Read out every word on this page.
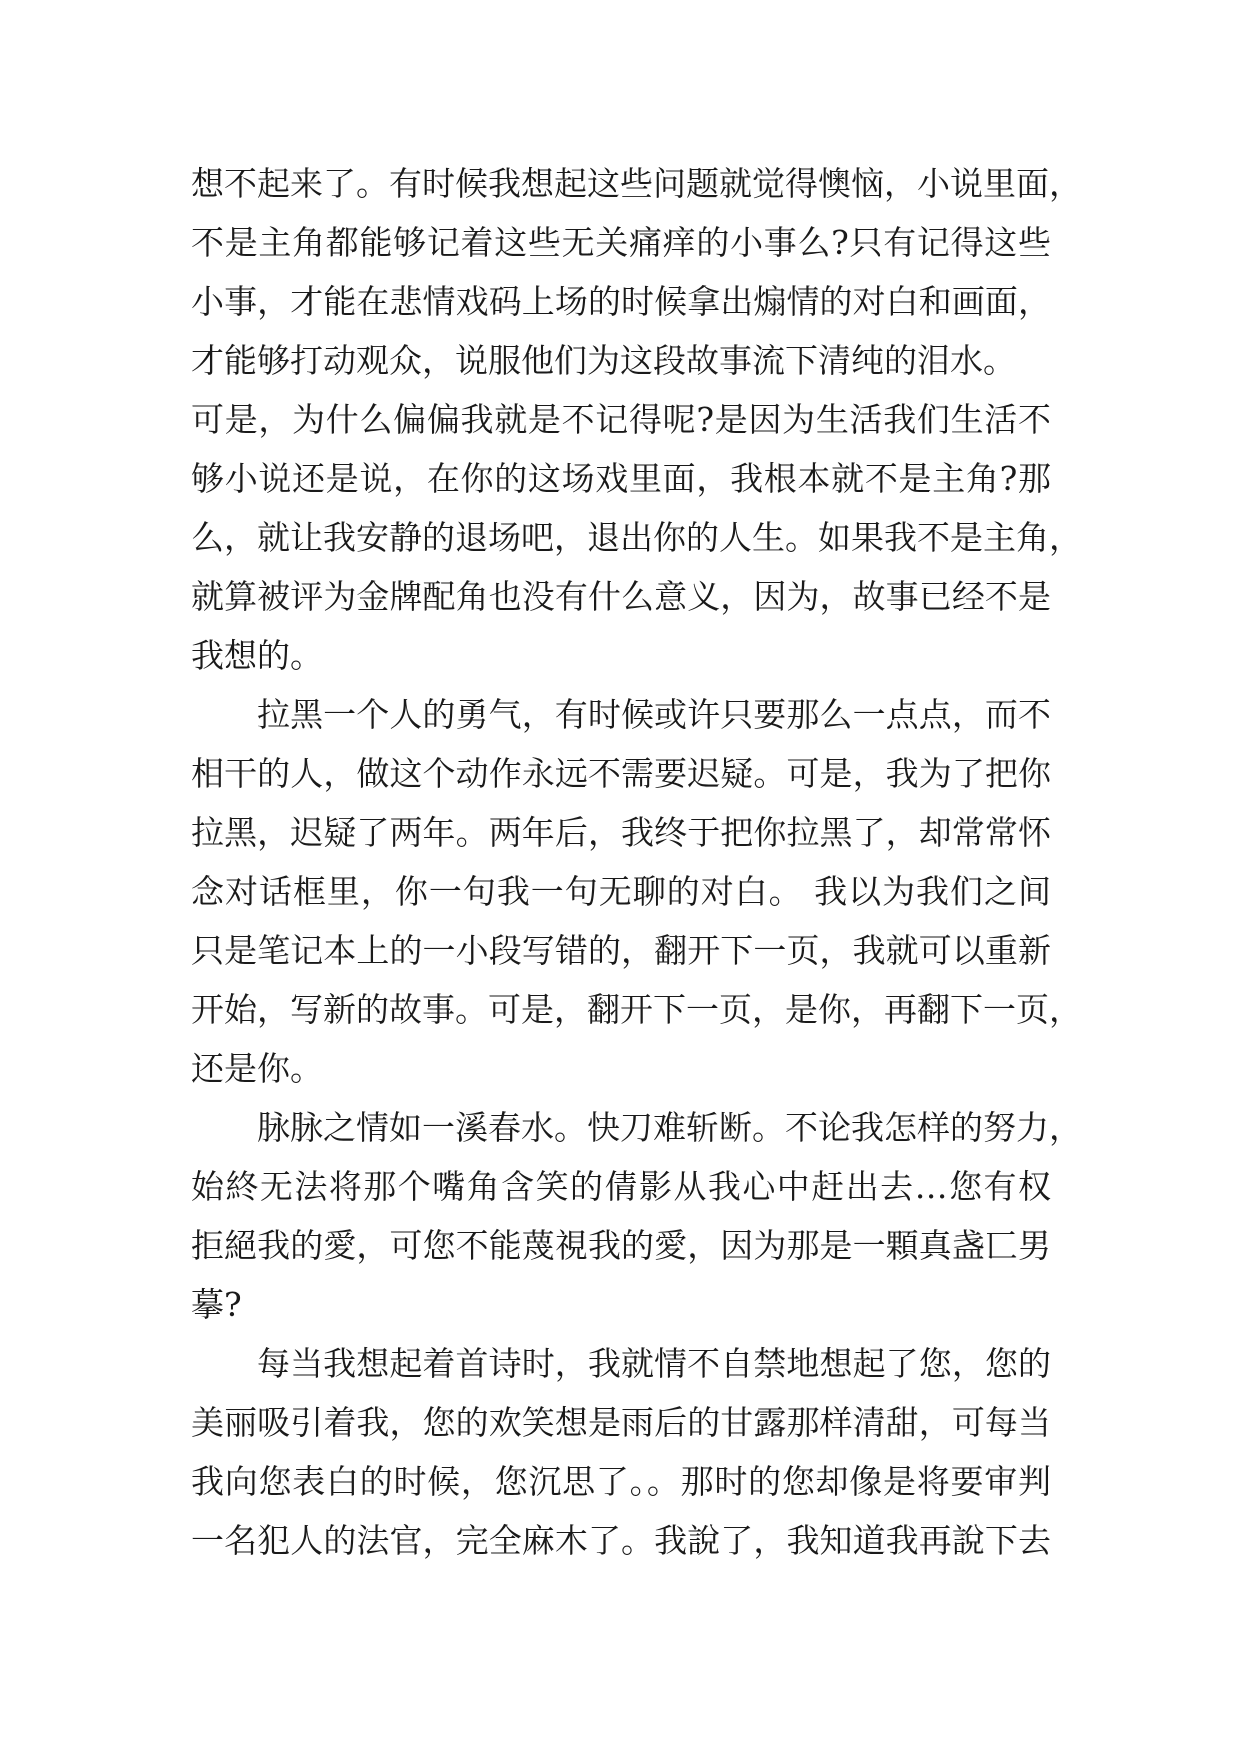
想不起来了。有时候我想起这些问题就觉得懊恼，小说里面，
不是主角都能够记着这些无关痛痒的小事么?只有记得这些
小事，才能在悲情戏码上场的时候拿出煽情的对白和画面，
才能够打动观众，说服他们为这段故事流下清纯的泪水。
可是，为什么偏偏我就是不记得呢?是因为生活我们生活不
够小说还是说，在你的这场戏里面，我根本就不是主角?那
么，就让我安静的退场吧，退出你的人生。如果我不是主角，
就算被评为金牌配角也没有什么意义，因为，故事已经不是
我想的。
拉黑一个人的勇气，有时候或许只要那么一点点，而不
相干的人，做这个动作永远不需要迟疑。可是，我为了把你
拉黑，迟疑了两年。两年后，我终于把你拉黑了，却常常怀
念对话框里，你一句我一句无聊的对白。 我以为我们之间
只是笔记本上的一小段写错的，翻开下一页，我就可以重新
开始，写新的故事。可是，翻开下一页，是你，再翻下一页，
还是你。
脉脉之情如一溪春水。快刀难斩断。不论我怎样的努力，
始終无法将那个嘴角含笑的倩影从我心中赶出去…您有权
拒絕我的愛，可您不能蔑視我的愛，因为那是一顆真盏匸男
摹?
每当我想起着首诗时，我就情不自禁地想起了您，您的
美丽吸引着我，您的欢笑想是雨后的甘露那样清甜，可每当
我向您表白的时候，您沉思了。。那时的您却像是将要审判
一名犯人的法官，完全麻木了。我說了，我知道我再說下去
